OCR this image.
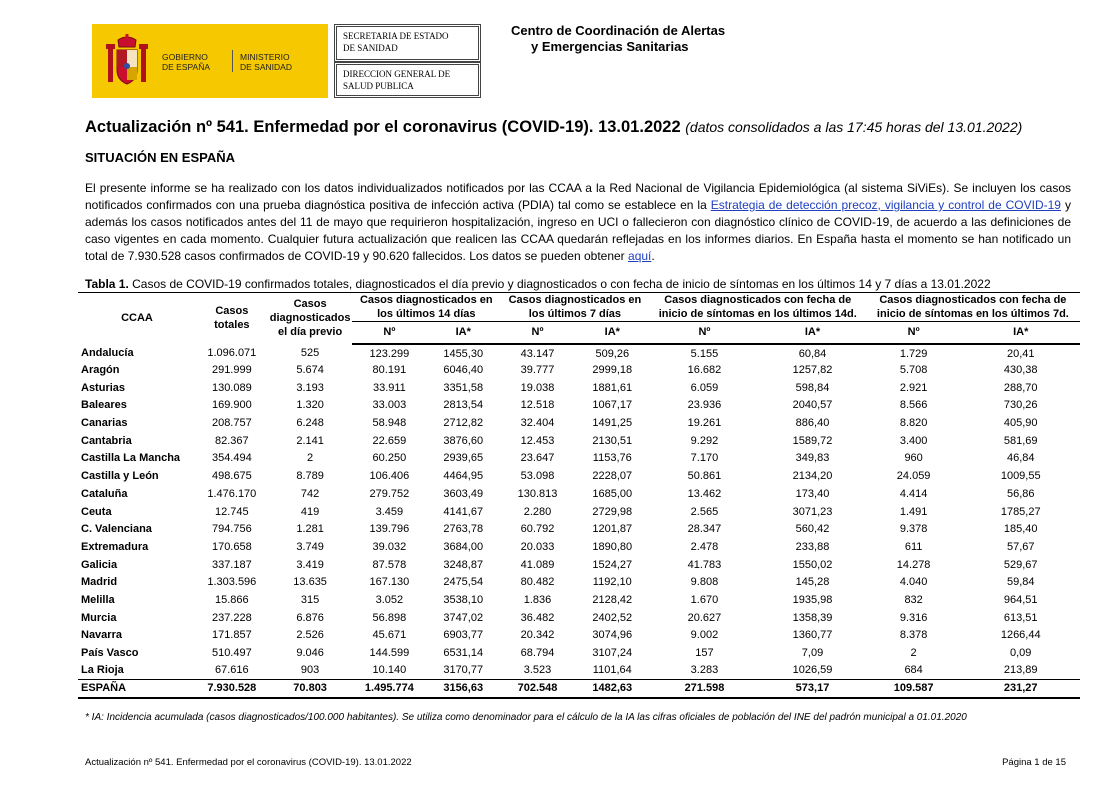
GOBIERNO
DE ESPAÑA
MINISTERIO
DE SANIDAD
SECRETARIA DE ESTADO
DE SANIDAD
DIRECCION GENERAL DE
SALUD PUBLICA
Centro de Coordinación de Alertas
y Emergencias Sanitarias
Actualización nº 541. Enfermedad por el coronavirus (COVID-19). 13.01.2022 (datos consolidados a las 17:45 horas del 13.01.2022)
SITUACIÓN EN ESPAÑA
El presente informe se ha realizado con los datos individualizados notificados por las CCAA a la Red Nacional de Vigilancia Epidemiológica (al sistema SiViEs). Se incluyen los casos notificados confirmados con una prueba diagnóstica positiva de infección activa (PDIA) tal como se establece en la Estrategia de detección precoz, vigilancia y control de COVID-19 y además los casos notificados antes del 11 de mayo que requirieron hospitalización, ingreso en UCI o fallecieron con diagnóstico clínico de COVID-19, de acuerdo a las definiciones de caso vigentes en cada momento. Cualquier futura actualización que realicen las CCAA quedarán reflejadas en los informes diarios. En España hasta el momento se han notificado un total de 7.930.528 casos confirmados de COVID-19 y 90.620 fallecidos. Los datos se pueden obtener aquí.
Tabla 1. Casos de COVID-19 confirmados totales, diagnosticados el día previo y diagnosticados o con fecha de inicio de síntomas en los últimos 14 y 7 días a 13.01.2022
CCAA	Casos totales	Casos diagnosticados el día previo	Casos diagnosticados en los últimos 14 días		Casos diagnosticados en los últimos 7 días		Casos diagnosticados con fecha de inicio de síntomas en los últimos 14d.		Casos diagnosticados con fecha de inicio de síntomas en los últimos 7d.	
			Nº	IA*	Nº	IA*	Nº	IA*	Nº	IA*
Andalucía	1.096.071	525	123.299	1455,30	43.147	509,26	5.155	60,84	1.729	20,41
Aragón	291.999	5.674	80.191	6046,40	39.777	2999,18	16.682	1257,82	5.708	430,38
Asturias	130.089	3.193	33.911	3351,58	19.038	1881,61	6.059	598,84	2.921	288,70
Baleares	169.900	1.320	33.003	2813,54	12.518	1067,17	23.936	2040,57	8.566	730,26
Canarias	208.757	6.248	58.948	2712,82	32.404	1491,25	19.261	886,40	8.820	405,90
Cantabria	82.367	2.141	22.659	3876,60	12.453	2130,51	9.292	1589,72	3.400	581,69
Castilla La Mancha	354.494	2	60.250	2939,65	23.647	1153,76	7.170	349,83	960	46,84
Castilla y León	498.675	8.789	106.406	4464,95	53.098	2228,07	50.861	2134,20	24.059	1009,55
Cataluña	1.476.170	742	279.752	3603,49	130.813	1685,00	13.462	173,40	4.414	56,86
Ceuta	12.745	419	3.459	4141,67	2.280	2729,98	2.565	3071,23	1.491	1785,27
C. Valenciana	794.756	1.281	139.796	2763,78	60.792	1201,87	28.347	560,42	9.378	185,40
Extremadura	170.658	3.749	39.032	3684,00	20.033	1890,80	2.478	233,88	611	57,67
Galicia	337.187	3.419	87.578	3248,87	41.089	1524,27	41.783	1550,02	14.278	529,67
Madrid	1.303.596	13.635	167.130	2475,54	80.482	1192,10	9.808	145,28	4.040	59,84
Melilla	15.866	315	3.052	3538,10	1.836	2128,42	1.670	1935,98	832	964,51
Murcia	237.228	6.876	56.898	3747,02	36.482	2402,52	20.627	1358,39	9.316	613,51
Navarra	171.857	2.526	45.671	6903,77	20.342	3074,96	9.002	1360,77	8.378	1266,44
País Vasco	510.497	9.046	144.599	6531,14	68.794	3107,24	157	7,09	2	0,09
La Rioja	67.616	903	10.140	3170,77	3.523	1101,64	3.283	1026,59	684	213,89
ESPAÑA	7.930.528	70.803	1.495.774	3156,63	702.548	1482,63	271.598	573,17	109.587	231,27
* IA: Incidencia acumulada (casos diagnosticados/100.000 habitantes). Se utiliza como denominador para el cálculo de la IA las cifras oficiales de población del INE del padrón municipal a 01.01.2020
Actualización nº 541. Enfermedad por el coronavirus (COVID-19). 13.01.2022	Página 1 de 15
